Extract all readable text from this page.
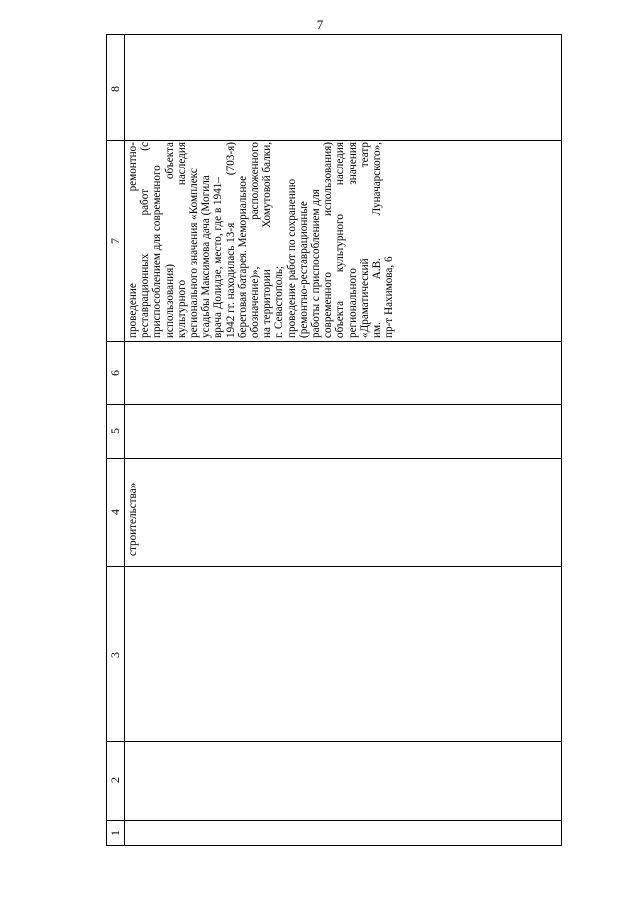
7
1
2
3
4
5
6
7
8
строительства»
проведение
ремонтно-
реставрационных
работ
(с
приспособлением для современного использования)
объекта
культурного
наследия
регионального значения «Комплекс усадьбы Максимова дача (Могила врача Долидзе, место, где в 1941– 1942 гг. находилась 13-я
(703-я)
береговая батарея. Мемориальное обозначение)»,
расположенного
на территории
Хомутовой балки,
г. Севастополь; проведение работ по сохранению (ремонтно-реставрационные работы с приспособлением для современного
использования)
объекта
культурного
наследия
регионального
значения
«Драматический
театр
им.
А.В.
Луначарского»,
пр-т Нахимова, 6
